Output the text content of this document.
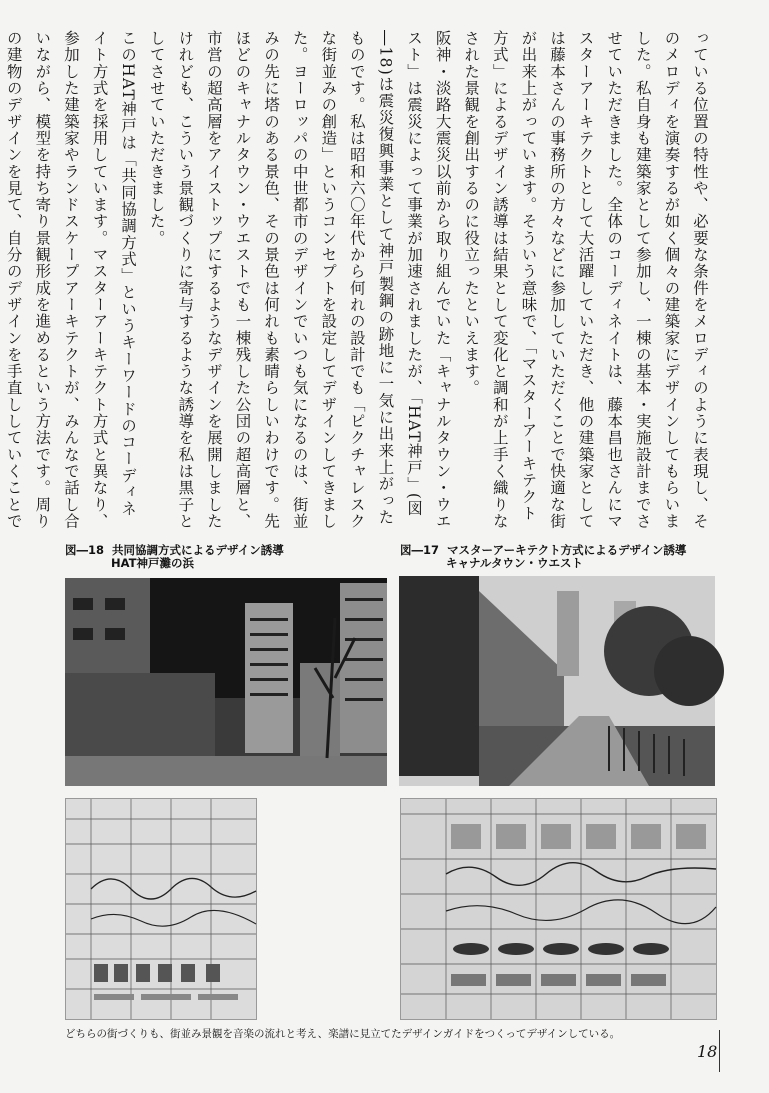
っている位置の特性や、必要な条件をメロディのように表現し、そのメロディを演奏するが如く個々の建築家にデザインしてもらいました。私自身も建築家として参加し、一棟の基本・実施設計までさせていただきました。全体のコーディネイトは、藤本昌也さんにマスターアーキテクトとして大活躍していただき、他の建築家としては藤本さんの事務所の方々などに参加していただくことで快適な街が出来上がっています。そういう意味で、「マスターアーキテクト方式」によるデザイン誘導は結果として変化と調和が上手く織りなされた景観を創出するのに役立ったといえます。

阪神・淡路大震災以前から取り組んでいた「キャナルタウン・ウエスト」は震災によって事業が加速されましたが、「HAT神戸」(図―18)は震災復興事業として神戸製鋼の跡地に一気に出来上がったものです。私は昭和六〇年代から何れの設計でも「ピクチャレスクな街並みの創造」というコンセプトを設定してデザインしてきました。ヨーロッパの中世都市のデザインでいつも気になるのは、街並みの先に塔のある景色、その景色は何れも素晴らしいわけです。先ほどのキャナルタウン・ウエストでも一棟残した公団の超高層と、市営の超高層をアイストップにするようなデザインを展開しましたけれども、こういう景観づくりに寄与するような誘導を私は黒子としてさせていただきました。

このHAT神戸は「共同協調方式」というキーワードのコーディネイト方式を採用しています。マスターアーキテクト方式と異なり、参加した建築家やランドスケープアーキテクトが、みんなで話し合いながら、模型を持ち寄り景観形成を進めるという方法です。周りの建物のデザインを見て、自分のデザインを手直ししていくことで

図―18 共同協調方式によるデザイン誘導
HAT神戸灘の浜
図―17 マスターアーキテクト方式によるデザイン誘導
キャナルタウン・ウエスト
どちらの街づくりも、街並み景観を音楽の流れと考え、楽譜に見立てたデザインガイドをつくってデザインしている。
18
